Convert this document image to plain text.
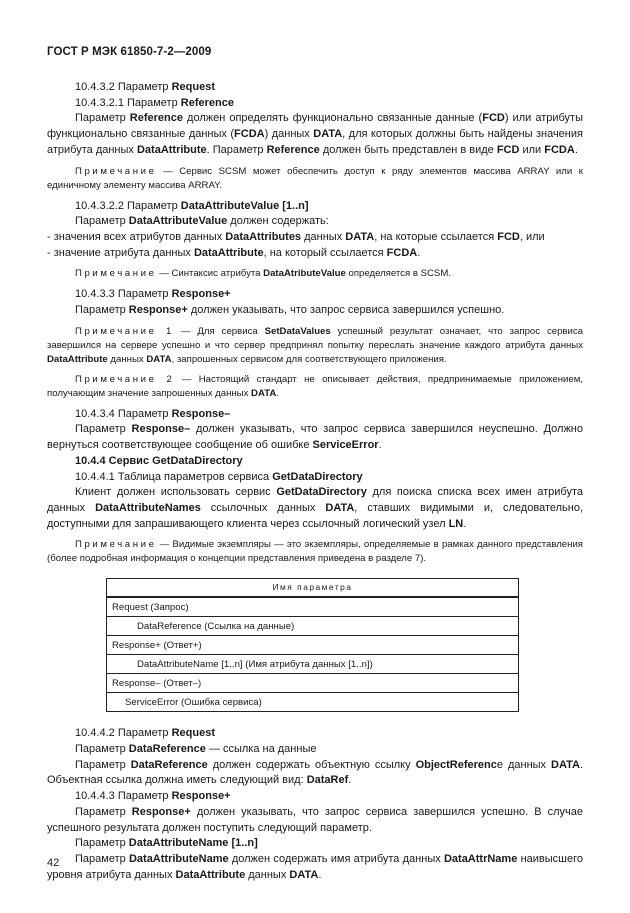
ГОСТ Р МЭК 61850-7-2—2009

10.4.3.2 Параметр Request

10.4.3.2.1 Параметр Reference

Параметр Reference должен определять функционально связанные данные (FCD) или атрибуты функционально связанные данных (FCDA) данных DATA, для которых должны быть найдены значения атрибута данных DataAttribute. Параметр Reference должен быть представлен в виде FCD или FCDA.

Примечание — Сервис SCSM может обеспечить доступ к ряду элементов массива ARRAY или к единичному элементу массива ARRAY.

10.4.3.2.2 Параметр DataAttributeValue [1..n]

Параметр DataAttributeValue должен содержать:

- значения всех атрибутов данных DataAttributes данных DATA, на которые ссылается FCD, или

- значение атрибута данных DataAttribute, на который ссылается FCDA.

Примечание — Синтаксис атрибута DataAtributeValue определяется в SCSM.

10.4.3.3 Параметр Response+

Параметр Response+ должен указывать, что запрос сервиса завершился успешно.

Примечание 1 — Для сервиса SetDataValues успешный результат означает, что запрос сервиса завершился на сервере успешно и что сервер предпринял попытку переслать значение каждого атрибута данных DataAttribute данных DATA, запрошенных сервисом для соответствующего приложения.

Примечание 2 — Настоящий стандарт не описывает действия, предпринимаемые приложением, получающим значение запрошенных данных DATA.

10.4.3.4 Параметр Response–

Параметр Response– должен указывать, что запрос сервиса завершился неуспешно. Должно вернуться соответствующее сообщение об ошибке ServiceError.

10.4.4 Сервис GetDataDirectory

10.4.4.1 Таблица параметров сервиса GetDataDirectory

Клиент должен использовать сервис GetDataDirectory для поиска списка всех имен атрибута данных DataAttributeNames ссылочных данных DATA, ставших видимыми и, следовательно, доступными для запрашивающего клиента через ссылочный логический узел LN.

Примечание — Видимые экземпляры — это экземпляры, определяемые в рамках данного представления (более подробная информация о концепции представления приведена в разделе 7).

Имя параметра
Request (Запрос)
DataReference (Ссылка на данные)
Response+ (Ответ+)
DataAttributeName [1..n] (Имя атрибута данных [1..n])
Response– (Ответ–)
ServiceError (Ошибка сервиса)

10.4.4.2 Параметр Request

Параметр DataReference — ссылка на данные

Параметр DataReference должен содержать объектную ссылку ObjectReferencе данных DATA. Объектная ссылка должна иметь следующий вид: DataRef.

10.4.4.3 Параметр Response+

Параметр Response+ должен указывать, что запрос сервиса завершился успешно. В случае успешного результата должен поступить следующий параметр.

Параметр DataAttributeName [1..n]

Параметр DataAttributeName должен содержать имя атрибута данных DataAttrName наивысшего уровня атрибута данных DataAttribute данных DATA.

42
